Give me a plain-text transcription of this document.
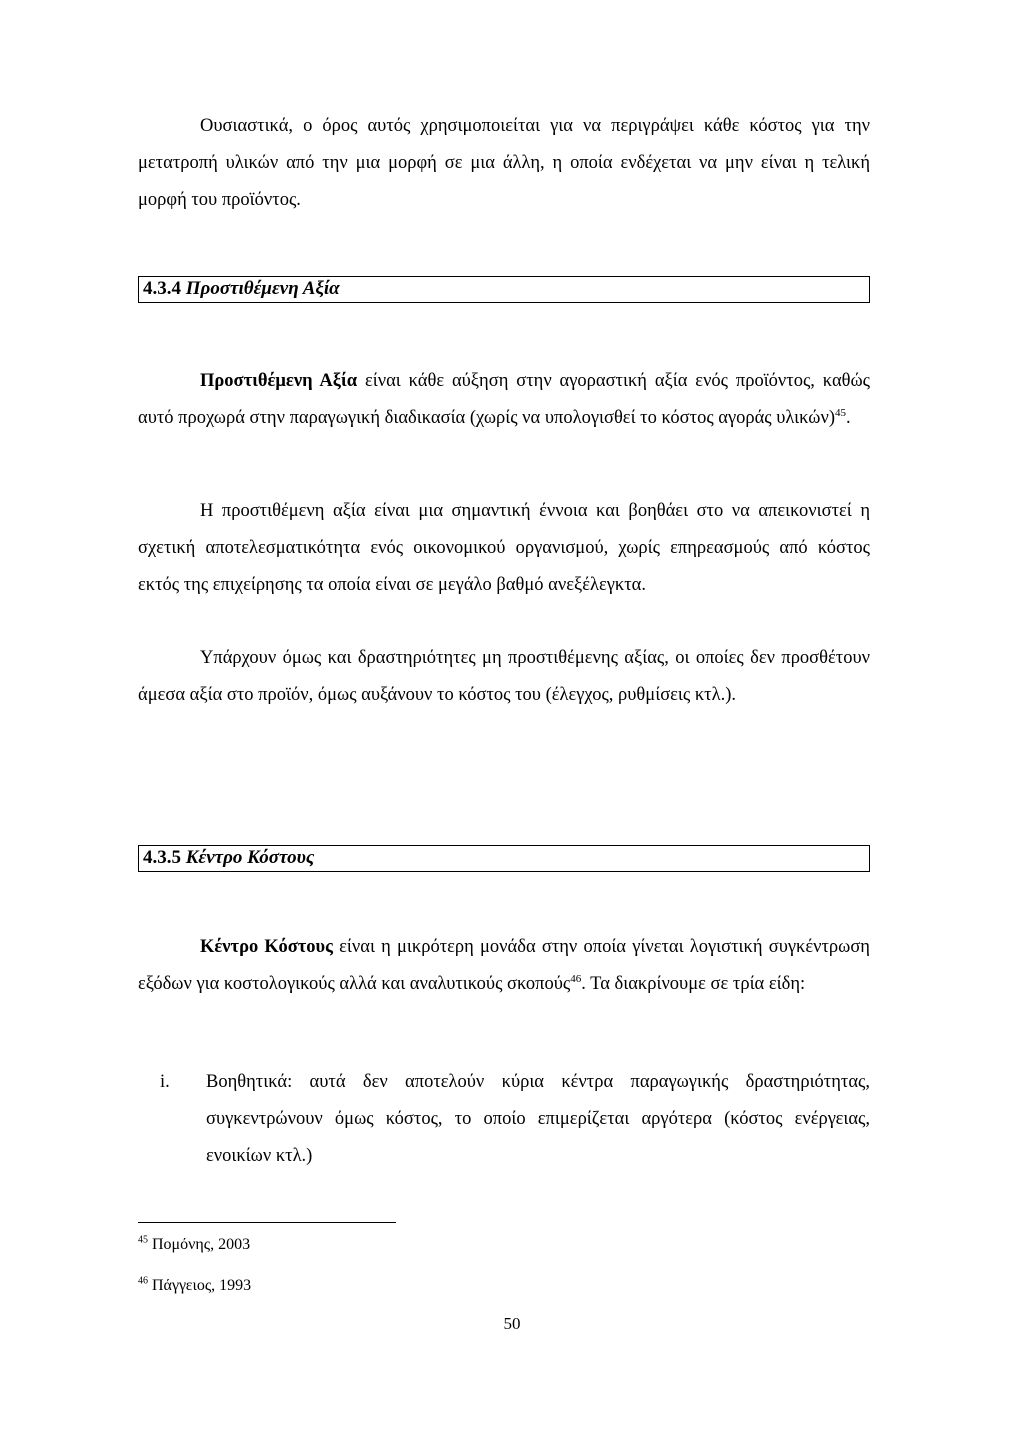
Ουσιαστικά, ο όρος αυτός χρησιμοποιείται για να περιγράψει κάθε κόστος για την μετατροπή υλικών από την μια μορφή σε μια άλλη, η οποία ενδέχεται να μην είναι η τελική μορφή του προϊόντος.

4.3.4 Προστιθέμενη Αξία

Προστιθέμενη Αξία είναι κάθε αύξηση στην αγοραστική αξία ενός προϊόντος, καθώς αυτό προχωρά στην παραγωγική διαδικασία (χωρίς να υπολογισθεί το κόστος αγοράς υλικών)$^{45}$.

Η προστιθέμενη αξία είναι μια σημαντική έννοια και βοηθάει στο να απεικονιστεί η σχετική αποτελεσματικότητα ενός οικονομικού οργανισμού, χωρίς επηρεασμούς από κόστος εκτός της επιχείρησης τα οποία είναι σε μεγάλο βαθμό ανεξέλεγκτα.

Υπάρχουν όμως και δραστηριότητες μη προστιθέμενης αξίας, οι οποίες δεν προσθέτουν άμεσα αξία στο προϊόν, όμως αυξάνουν το κόστος του (έλεγχος, ρυθμίσεις κτλ.).

4.3.5 Κέντρο Κόστους

Κέντρο Κόστους είναι η μικρότερη μονάδα στην οποία γίνεται λογιστική συγκέντρωση εξόδων για κοστολογικούς αλλά και αναλυτικούς σκοπούς$^{46}$. Τα διακρίνουμε σε τρία είδη:

i.	Βοηθητικά: αυτά δεν αποτελούν κύρια κέντρα παραγωγικής δραστηριότητας, συγκεντρώνουν όμως κόστος, το οποίο επιμερίζεται αργότερα (κόστος ενέργειας, ενοικίων κτλ.)
$^{45}$ Πομόνης, 2003
$^{46}$ Πάγγειος, 1993
50
